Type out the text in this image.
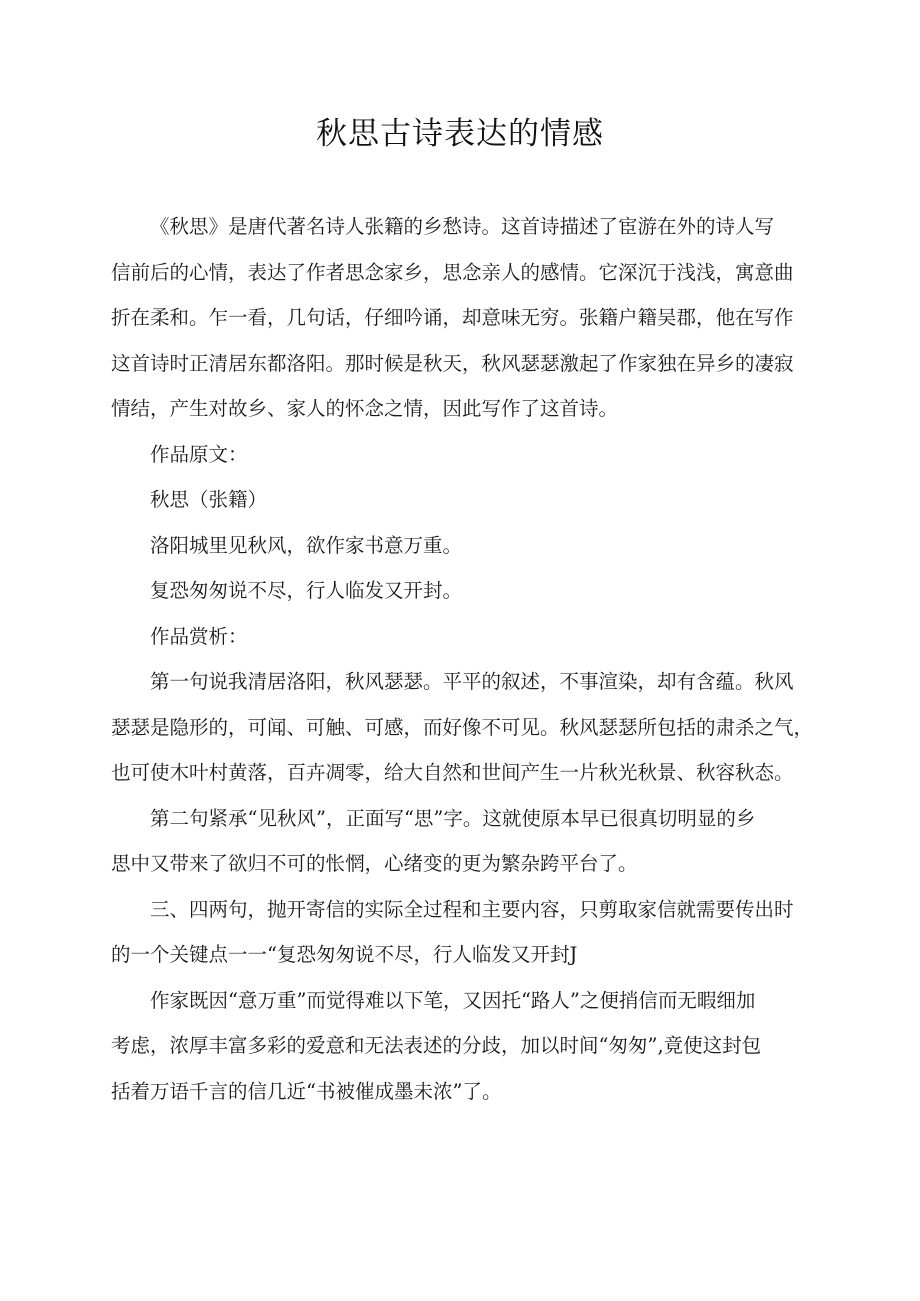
秋思古诗表达的情感

《秋思》是唐代著名诗人张籍的乡愁诗。这首诗描述了宦游在外的诗人写

信前后的心情，表达了作者思念家乡，思念亲人的感情。它深沉于浅浅，寓意曲

折在柔和。乍一看，几句话，仔细吟诵，却意味无穷。张籍户籍吴郡，他在写作

这首诗时正清居东都洛阳。那时候是秋天，秋风瑟瑟激起了作家独在异乡的凄寂

情结，产生对故乡、家人的怀念之情，因此写作了这首诗。

作品原文：

秋思（张籍）

洛阳城里见秋风，欲作家书意万重。

复恐匆匆说不尽，行人临发又开封。

作品赏析：

第一句说我清居洛阳，秋风瑟瑟。平平的叙述，不事渲染，却有含蕴。秋风

瑟瑟是隐形的，可闻、可触、可感，而好像不可见。秋风瑟瑟所包括的肃杀之气，

也可使木叶村黄落，百卉凋零，给大自然和世间产生一片秋光秋景、秋容秋态。

第二句紧承“见秋风”，正面写“思”字。这就使原本早已很真切明显的乡

思中又带来了欲归不可的怅惘，心绪变的更为繁杂跨平台了。

三、四两句，抛开寄信的实际全过程和主要内容，只剪取家信就需要传出时

的一个关键点一一“复恐匆匆说不尽，行人临发又开封J

作家既因“意万重”而觉得难以下笔，又因托“路人”之便捎信而无暇细加

考虑，浓厚丰富多彩的爱意和无法表述的分歧，加以时间“匆匆”,竟使这封包

括着万语千言的信几近“书被催成墨未浓”了。
